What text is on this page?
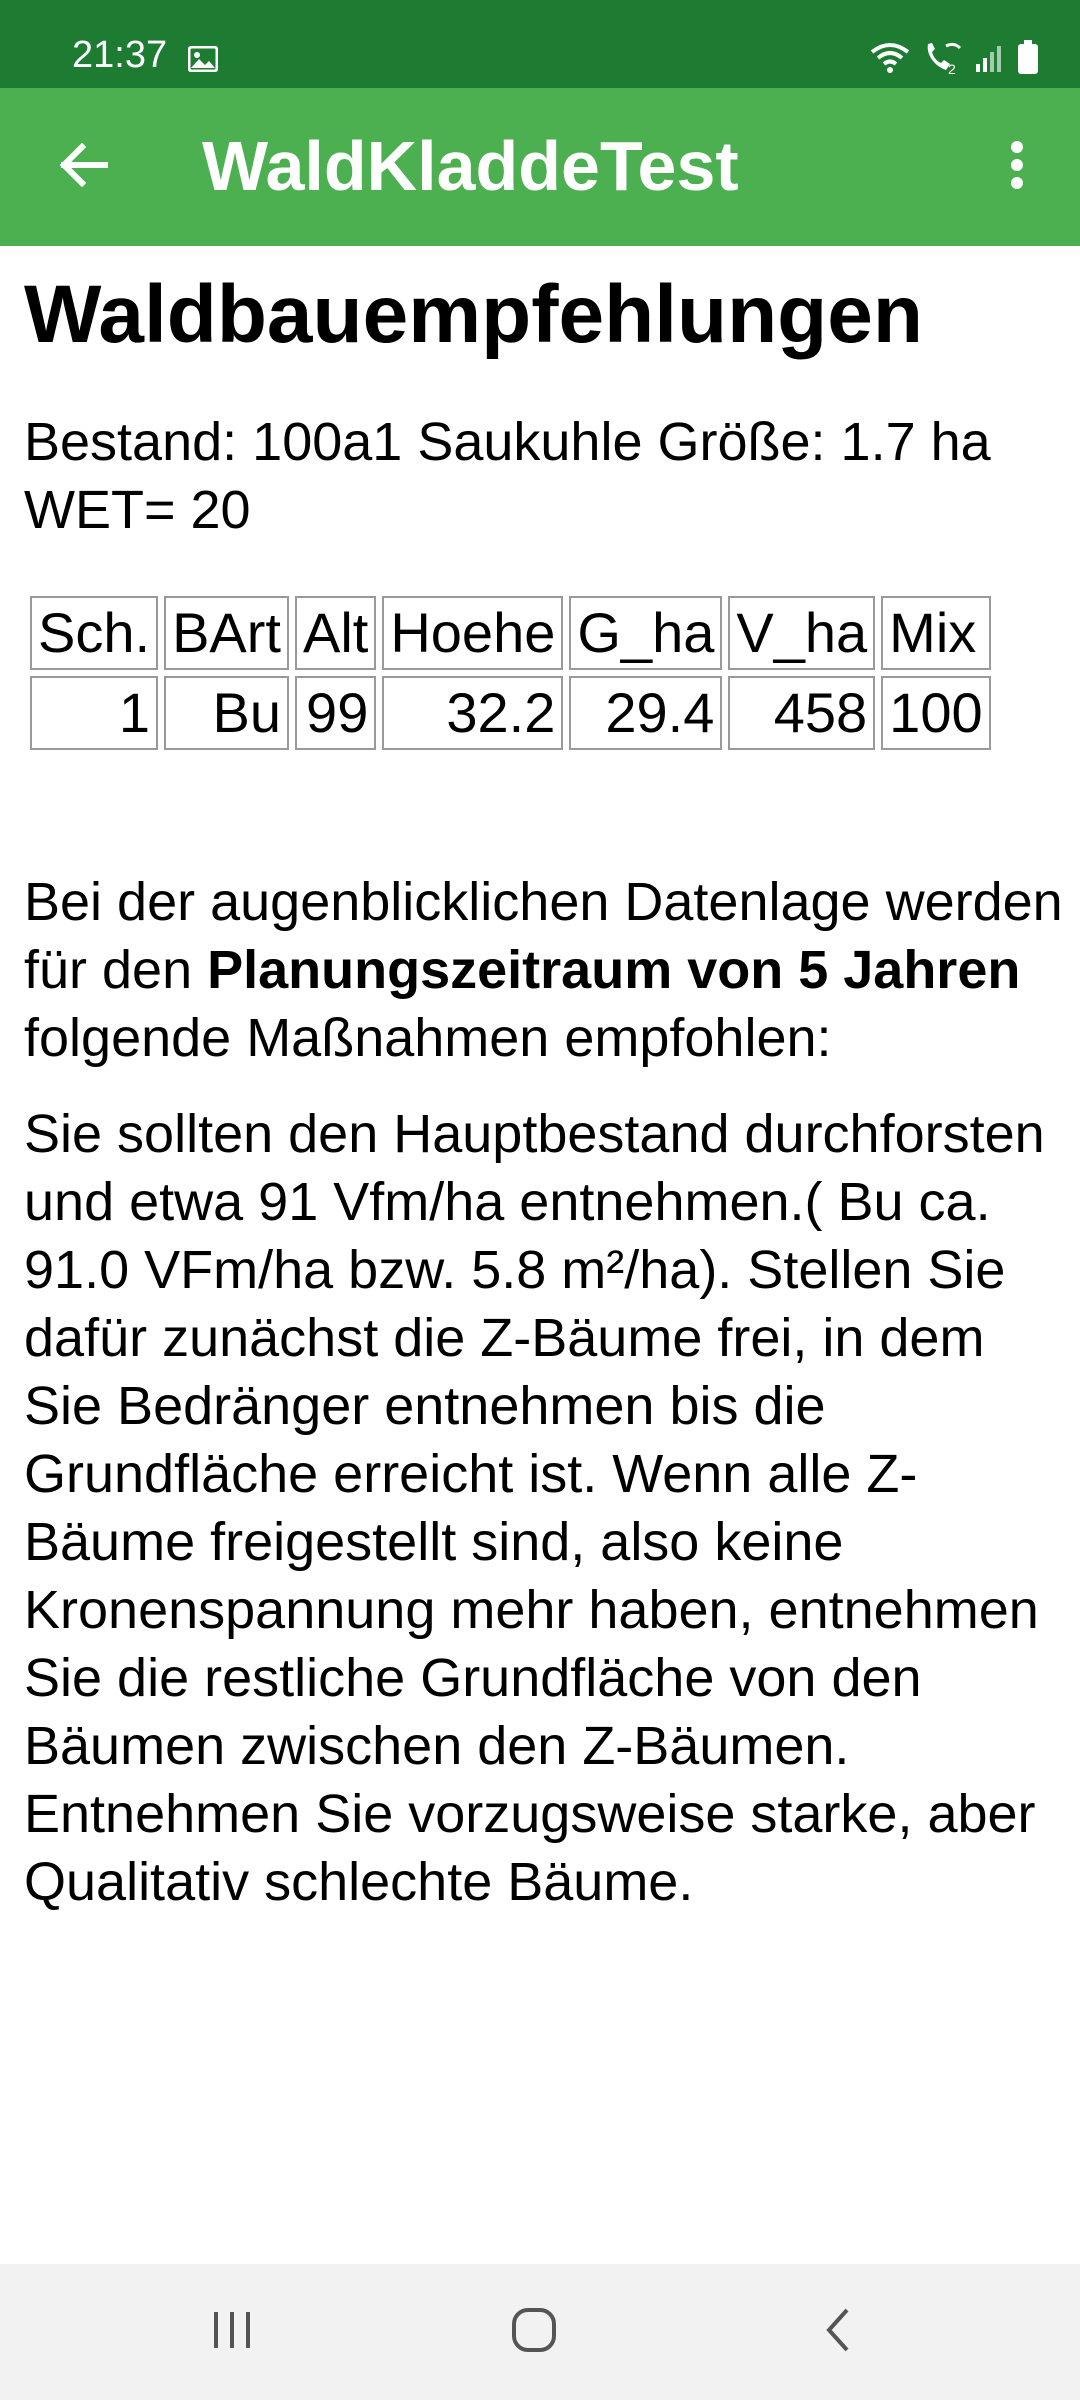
21:37	2
WaldKladdeTest
Waldbauempfehlungen
Bestand: 100a1 Saukuhle Größe: 1.7 ha
WET= 20
Sch.	BArt	Alt	Hoehe	G_ha	V_ha	Mix
1	Bu	99	32.2	29.4	458	100

Bei der augenblicklichen Datenlage werden für den Planungszeitraum von 5 Jahren folgende Maßnahmen empfohlen:

Sie sollten den Hauptbestand durchforsten und etwa 91 Vfm/ha entnehmen.( Bu ca. 91.0 VFm/ha bzw. 5.8 m²/ha). Stellen Sie dafür zunächst die Z-Bäume frei, in dem Sie Bedränger entnehmen bis die Grundfläche erreicht ist. Wenn alle Z-Bäume freigestellt sind, also keine Kronenspannung mehr haben, entnehmen Sie die restliche Grundfläche von den Bäumen zwischen den Z-Bäumen. Entnehmen Sie vorzugsweise starke, aber Qualitativ schlechte Bäume.
